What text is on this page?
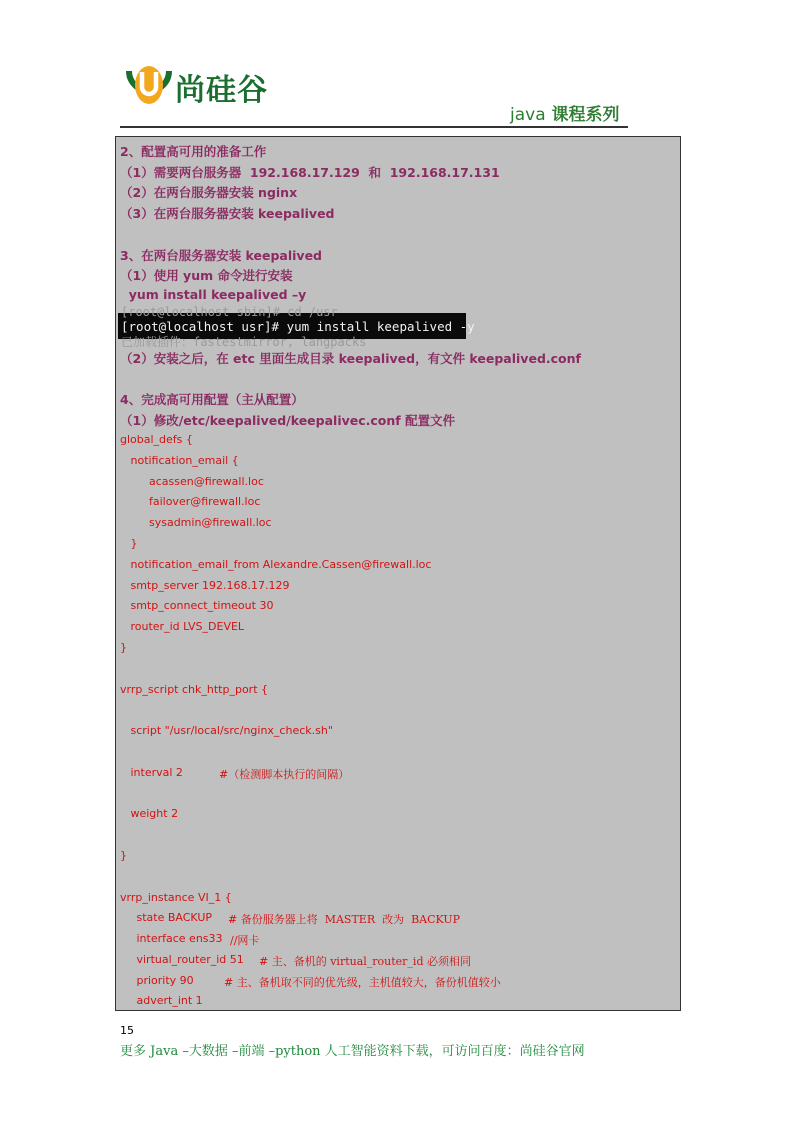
尚硅谷
java 课程系列
2、配置高可用的准备工作
（1）需要两台服务器  192.168.17.129  和  192.168.17.131
（2）在两台服务器安装 nginx
（3）在两台服务器安装 keepalived
3、在两台服务器安装 keepalived
（1）使用 yum 命令进行安装
yum install keepalived –y
[root@localhost sbin]# cd /usr
[root@localhost usr]# yum install keepalived -y
已加载插件：fastestmirror, langpacks
（2）安装之后，在 etc 里面生成目录 keepalived，有文件 keepalived.conf
4、完成高可用配置（主从配置）
（1）修改/etc/keepalived/keepalivec.conf 配置文件
global_defs {
notification_email {
acassen@firewall.loc
failover@firewall.loc
sysadmin@firewall.loc
}
notification_email_from Alexandre.Cassen@firewall.loc
smtp_server 192.168.17.129
smtp_connect_timeout 30
router_id LVS_DEVEL
}
vrrp_script chk_http_port {
script "/usr/local/src/nginx_check.sh"
interval 2	#（检测脚本执行的间隔）
weight 2
}
vrrp_instance VI_1 {
state BACKUP # 备份服务器上将  MASTER  改为  BACKUP
interface ens33 //网卡
virtual_router_id 51 # 主、备机的 virtual_router_id 必须相同
priority 90	# 主、备机取不同的优先级，主机值较大，备份机值较小
advert_int 1
15
更多 Java –大数据 –前端 –python 人工智能资料下载，可访问百度：尚硅谷官网
